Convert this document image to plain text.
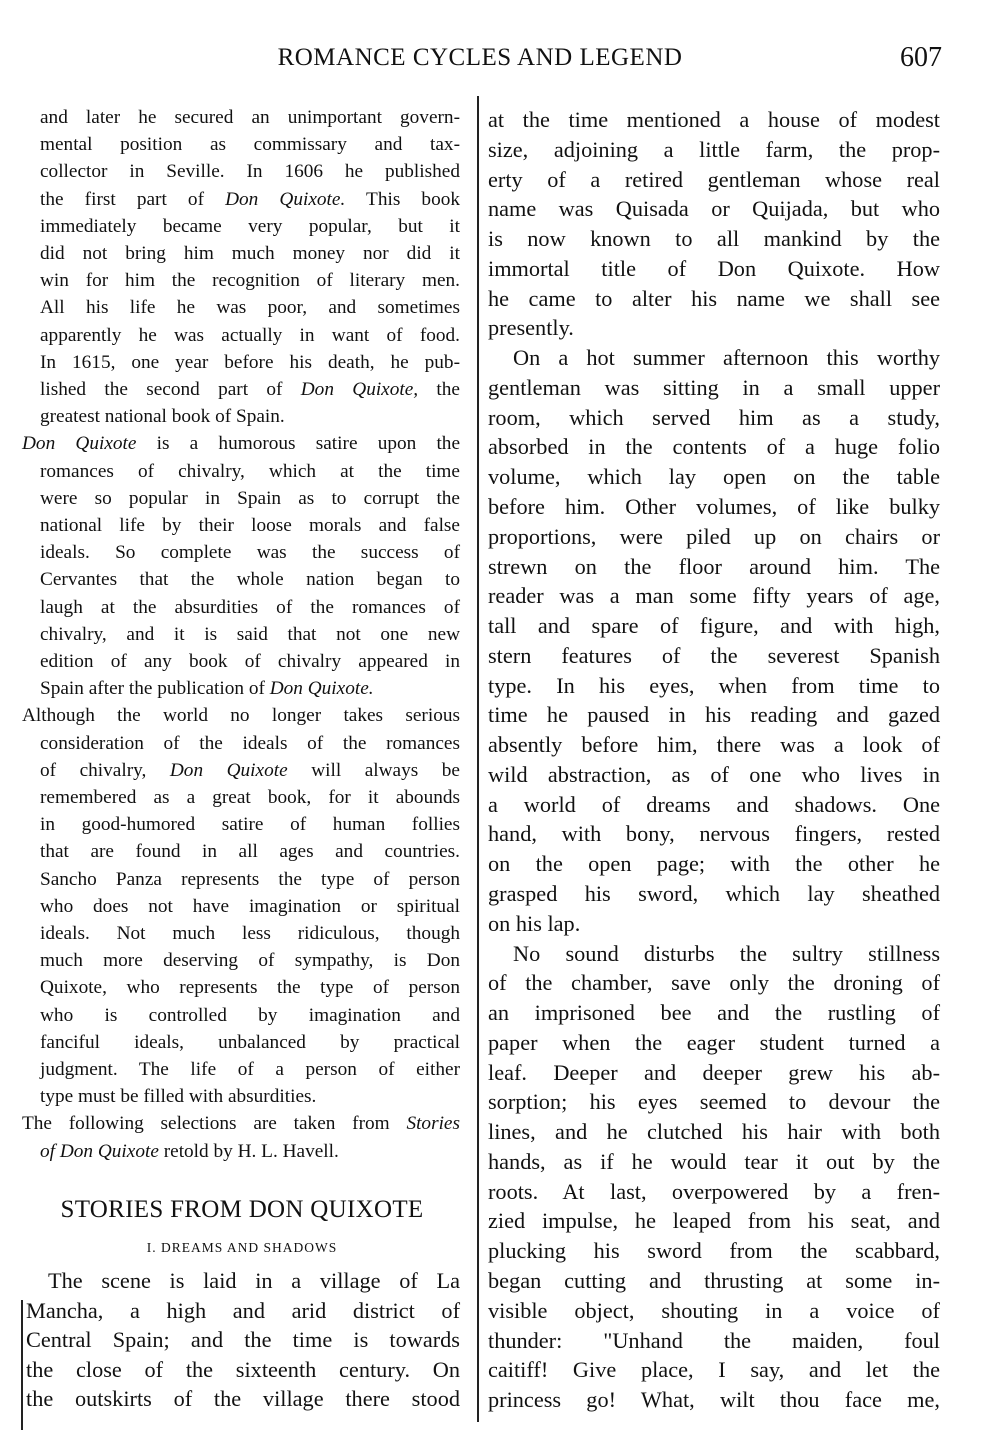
ROMANCE CYCLES AND LEGEND	607
and later he secured an unimportant govern-
mental position as commissary and tax-
collector in Seville. In 1606 he published
the first part of Don Quixote. This book
immediately became very popular, but it
did not bring him much money nor did it
win for him the recognition of literary men.
All his life he was poor, and sometimes
apparently he was actually in want of food.
In 1615, one year before his death, he pub-
lished the second part of Don Quixote, the
greatest national book of Spain.
Don Quixote is a humorous satire upon the
romances of chivalry, which at the time
were so popular in Spain as to corrupt the
national life by their loose morals and false
ideals. So complete was the success of
Cervantes that the whole nation began to
laugh at the absurdities of the romances of
chivalry, and it is said that not one new
edition of any book of chivalry appeared in
Spain after the publication of Don Quixote.
Although the world no longer takes serious
consideration of the ideals of the romances
of chivalry, Don Quixote will always be
remembered as a great book, for it abounds
in good-humored satire of human follies
that are found in all ages and countries.
Sancho Panza represents the type of person
who does not have imagination or spiritual
ideals. Not much less ridiculous, though
much more deserving of sympathy, is Don
Quixote, who represents the type of person
who is controlled by imagination and
fanciful ideals, unbalanced by practical
judgment. The life of a person of either
type must be filled with absurdities.
The following selections are taken from Stories
of Don Quixote retold by H. L. Havell.
STORIES FROM DON QUIXOTE
I. DREAMS AND SHADOWS
The scene is laid in a village of La
Mancha, a high and arid district of
Central Spain; and the time is towards
the close of the sixteenth century. On
the outskirts of the village there stood
at the time mentioned a house of modest
size, adjoining a little farm, the prop-
erty of a retired gentleman whose real
name was Quisada or Quijada, but who
is now known to all mankind by the
immortal title of Don Quixote. How
he came to alter his name we shall see
presently.
On a hot summer afternoon this worthy
gentleman was sitting in a small upper
room, which served him as a study,
absorbed in the contents of a huge folio
volume, which lay open on the table
before him. Other volumes, of like bulky
proportions, were piled up on chairs or
strewn on the floor around him. The
reader was a man some fifty years of age,
tall and spare of figure, and with high,
stern features of the severest Spanish
type. In his eyes, when from time to
time he paused in his reading and gazed
absently before him, there was a look of
wild abstraction, as of one who lives in
a world of dreams and shadows. One
hand, with bony, nervous fingers, rested
on the open page; with the other he
grasped his sword, which lay sheathed
on his lap.
No sound disturbs the sultry stillness
of the chamber, save only the droning of
an imprisoned bee and the rustling of
paper when the eager student turned a
leaf. Deeper and deeper grew his ab-
sorption; his eyes seemed to devour the
lines, and he clutched his hair with both
hands, as if he would tear it out by the
roots. At last, overpowered by a fren-
zied impulse, he leaped from his seat, and
plucking his sword from the scabbard,
began cutting and thrusting at some in-
visible object, shouting in a voice of
thunder: "Unhand the maiden, foul
caitiff! Give place, I say, and let the
princess go! What, wilt thou face me,
